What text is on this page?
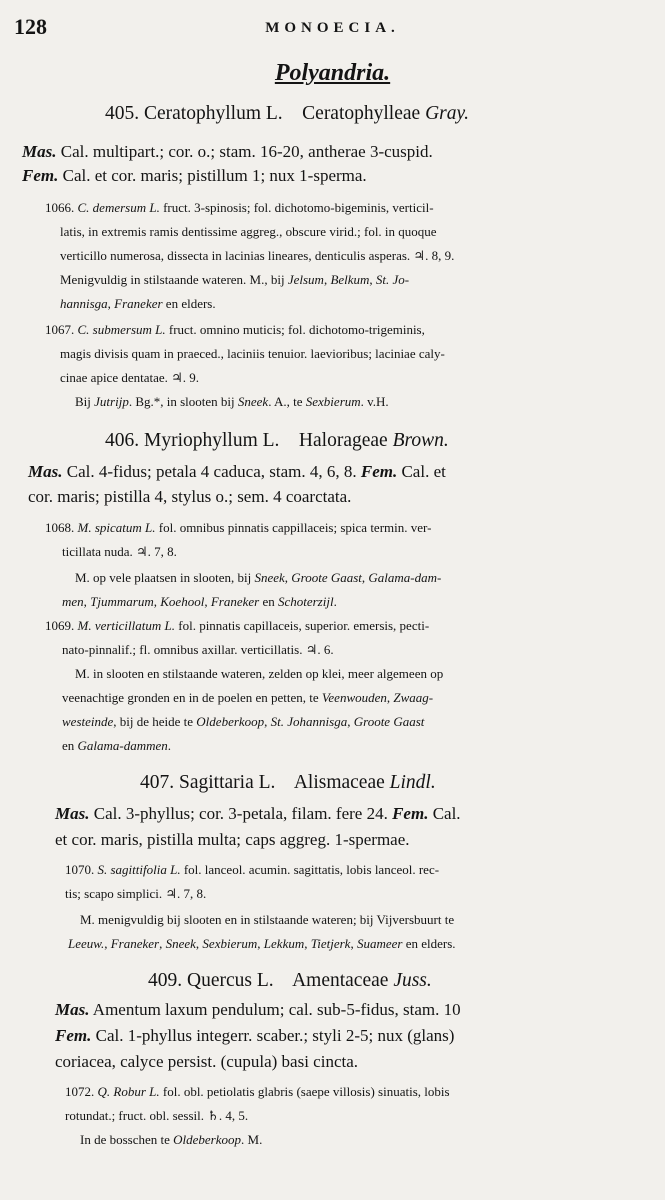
128	MONOECIA.
Polyandria.
405. Ceratophyllum L. Ceratophylleae Gray.
Mas. Cal. multipart.; cor. o.; stam. 16-20, antherae 3-cuspid.
Fem. Cal. et cor. maris; pistillum 1; nux 1-sperma.
1066. C. demersum L. fruct. 3-spinosis; fol. dichotomo-bigeminis, verticil-
latis, in extremis ramis dentissime aggreg., obscure virid.; fol. in quoque
verticillo numerosa, dissecta in lacinias lineares, denticulis asperas. ♃. 8, 9.
Menigvuldig in stilstaande wateren. M., bij Jelsum, Belkum, St. Jo-
hannisga, Franeker en elders.
1067. C. submersum L. fruct. omnino muticis; fol. dichotomo-trigeminis,
magis divisis quam in praeced., laciniis tenuior. laevioribus; laciniae caly-
cinae apice dentatae. ♃. 9.
Bij Jutrijp. Bg.*, in slooten bij Sneek. A., te Sexbierum. v.H.
406. Myriophyllum L. Halorageae Brown.
Mas. Cal. 4-fidus; petala 4 caduca, stam. 4, 6, 8. Fem. Cal. et
cor. maris; pistilla 4, stylus o.; sem. 4 coarctata.
1068. M. spicatum L. fol. omnibus pinnatis cappillaceis; spica termin. ver-
ticillata nuda. ♃. 7, 8.
M. op vele plaatsen in slooten, bij Sneek, Groote Gaast, Galama-dam-
men, Tjummarum, Koehool, Franeker en Schoterzijl.
1069. M. verticillatum L. fol. pinnatis capillaceis, superior. emersis, pecti-
nato-pinnalif.; fl. omnibus axillar. verticillatis. ♃. 6.
M. in slooten en stilstaande wateren, zelden op klei, meer algemeen op
veenachtige gronden en in de poelen en petten, te Veenwouden, Zwaag-
westeinde, bij de heide te Oldeberkoop, St. Johannisga, Groote Gaast
en Galama-dammen.
407. Sagittaria L. Alismaceae Lindl.
Mas. Cal. 3-phyllus; cor. 3-petala, filam. fere 24. Fem. Cal.
et cor. maris, pistilla multa; caps aggreg. 1-spermae.
1070. S. sagittifolia L. fol. lanceol. acumin. sagittatis, lobis lanceol. rec-
tis; scapo simplici. ♃. 7, 8.
M. menigvuldig bij slooten en in stilstaande wateren; bij Vijversbuurt te
Leeuw., Franeker, Sneek, Sexbierum, Lekkum, Tietjerk, Suameer en elders.
409. Quercus L. Amentaceae Juss.
Mas. Amentum laxum pendulum; cal. sub-5-fidus, stam. 10
Fem. Cal. 1-phyllus integerr. scaber.; styli 2-5; nux (glans)
coriacea, calyce persist. (cupula) basi cincta.
1072. Q. Robur L. fol. obl. petiolatis glabris (saepe villosis) sinuatis, lobis
rotundat.; fruct. obl. sessil. ♄. 4, 5.
In de bosschen te Oldeberkoop. M.
